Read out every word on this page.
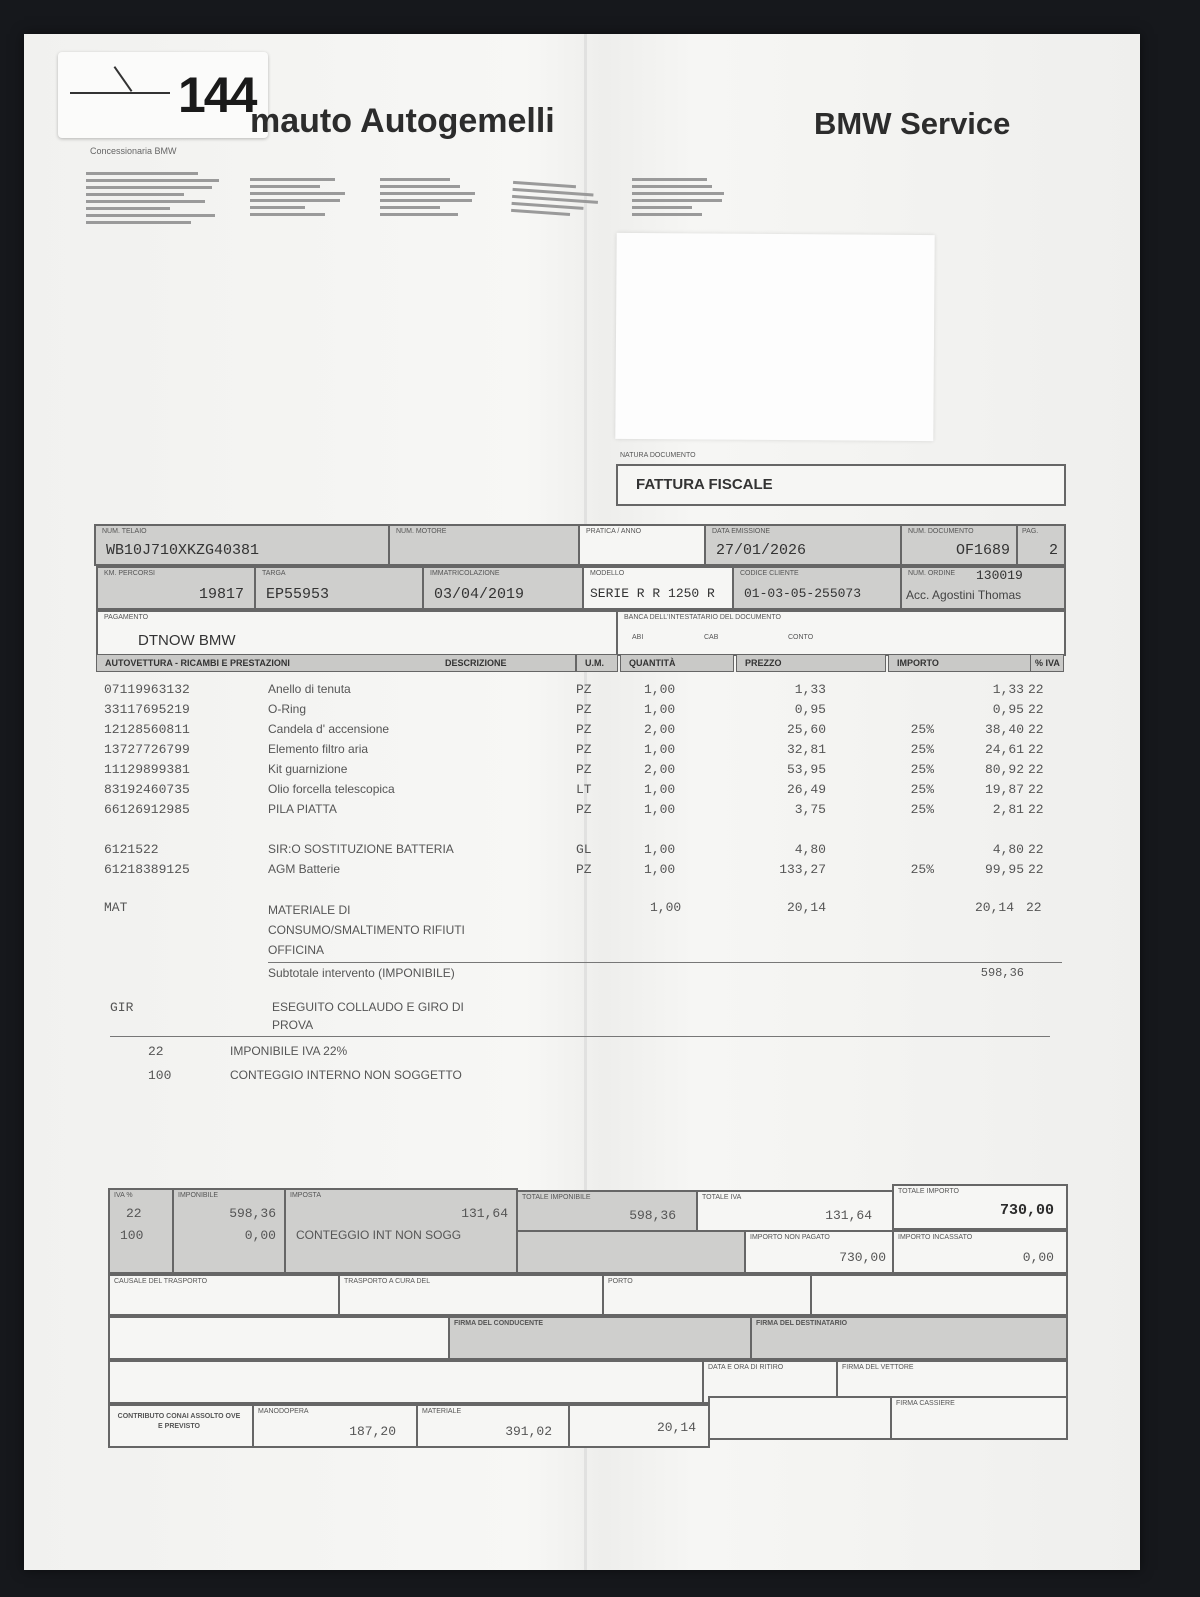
144
mauto Autogemelli	BMW Service
Concessionaria BMW
NATURA DOCUMENTO
FATTURA FISCALE
NUM. TELAIO
WB10J710XKZG40381
NUM. MOTORE	PRATICA / ANNO	DATA EMISSIONE
27/01/2026
NUM. DOCUMENTO
OF1689
PAG.
2
KM. PERCORSI
19817
TARGA
EP55953
IMMATRICOLAZIONE
03/04/2019
MODELLO
SERIE R R 1250 R
CODICE CLIENTE
01-03-05-255073
NUM. ORDINE 130019
Acc. Agostini Thomas
PAGAMENTO
DTNOW BMW
BANCA DELL'INTESTATARIO DEL DOCUMENTO
ABI	CAB	CONTO
AUTOVETTURA - RICAMBI E PRESTAZIONI	DESCRIZIONE	U.M.	QUANTITÀ	PREZZO	IMPORTO	% IVA
07119963132	Anello di tenuta	PZ	1,00	1,33	1,33 22
33117695219	O-Ring	PZ	1,00	0,95	0,95 22
12128560811	Candela d' accensione	PZ	2,00	25,60	25%	38,40 22
13727726799	Elemento filtro aria	PZ	1,00	32,81	25%	24,61 22
11129899381	Kit guarnizione	PZ	2,00	53,95	25%	80,92 22
83192460735	Olio forcella telescopica	LT	1,00	26,49	25%	19,87 22
66126912985	PILA PIATTA	PZ	1,00	3,75	25%	2,81 22
6121522	SIR:O SOSTITUZIONE BATTERIA	GL	1,00	4,80	4,80 22
61218389125	AGM Batterie	PZ	1,00	133,27	25%	99,95 22
MAT	MATERIALE DI
CONSUMO/SMALTIMENTO RIFIUTI
OFFICINA
1,00	20,14	20,14 22
Subtotale intervento (IMPONIBILE)	598,36
GIR	ESEGUITO COLLAUDO E GIRO DI
PROVA
22	IMPONIBILE IVA 22%
100	CONTEGGIO INTERNO NON SOGGETTO
IVA %
22
100
IMPONIBILE
598,36
0,00
IMPOSTA
131,64
CONTEGGIO INT NON SOGG
TOTALE IMPONIBILE
598,36
TOTALE IVA
131,64
TOTALE IMPORTO
730,00
IMPORTO NON PAGATO
730,00
IMPORTO INCASSATO
0,00
CAUSALE DEL TRASPORTO	TRASPORTO A CURA DEL	PORTO
FIRMA DEL CONDUCENTE	FIRMA DEL DESTINATARIO
DATA E ORA DI RITIRO	FIRMA DEL VETTORE
CONTRIBUTO CONAI ASSOLTO OVE E PREVISTO
MANODOPERA
187,20
MATERIALE
391,02	20,14
FIRMA CASSIERE
